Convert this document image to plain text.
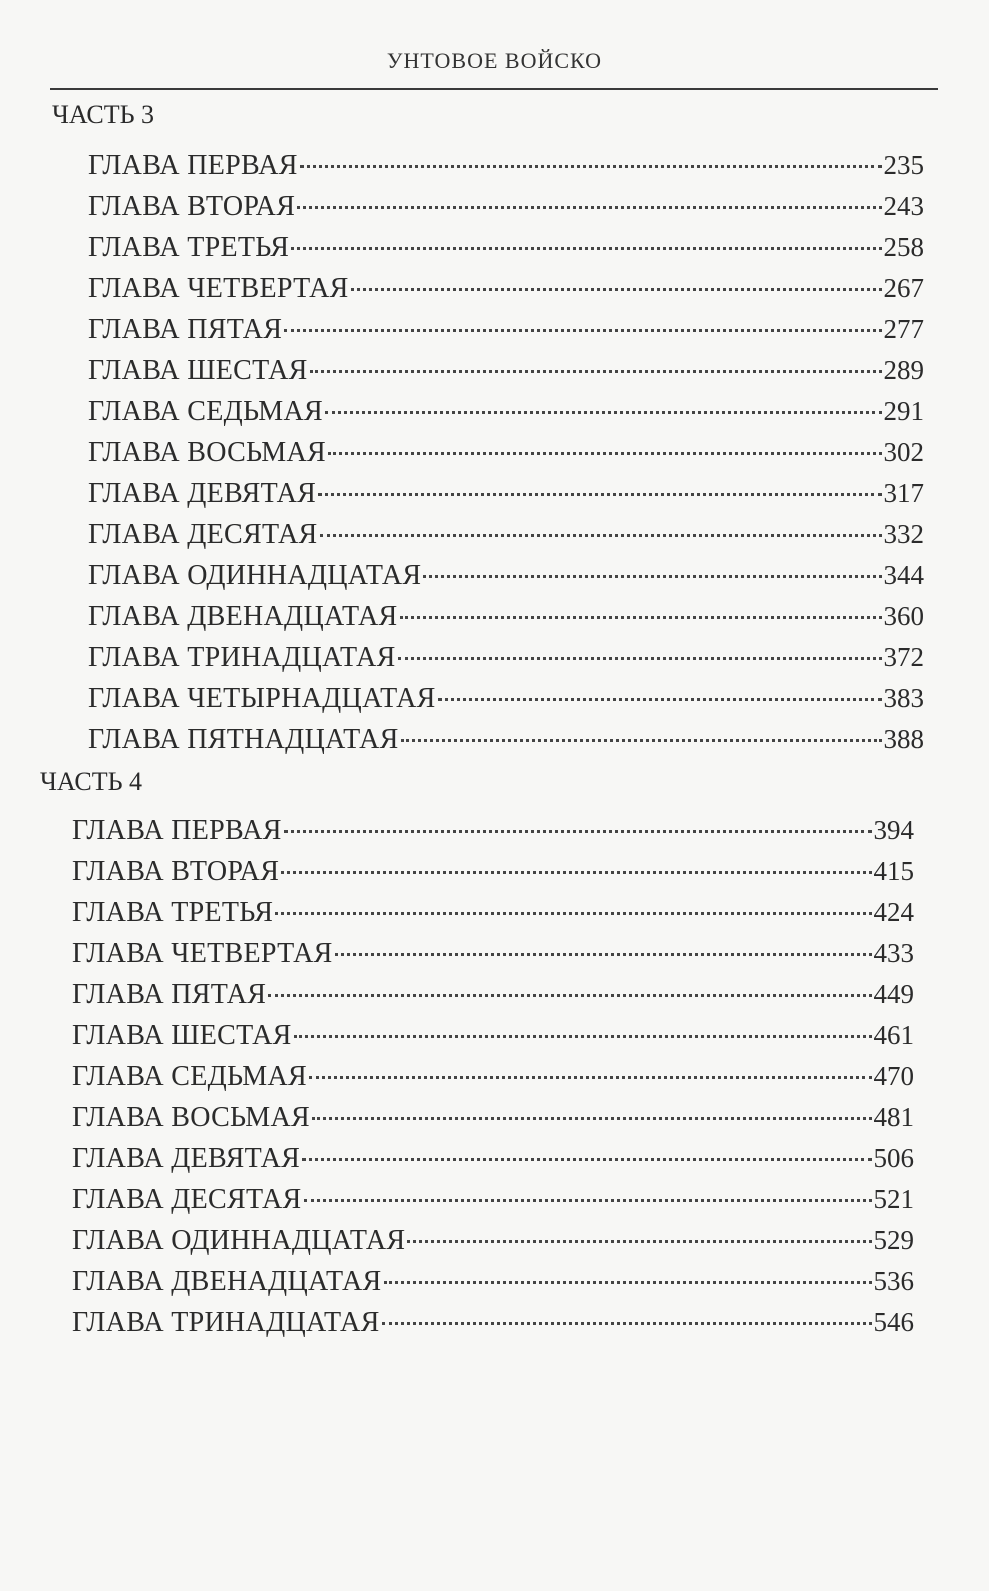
УНТОВОЕ ВОЙСКО
ЧАСТЬ 3
ГЛАВА ПЕРВАЯ	235
ГЛАВА ВТОРАЯ	243
ГЛАВА ТРЕТЬЯ	258
ГЛАВА ЧЕТВЕРТАЯ	267
ГЛАВА ПЯТАЯ	277
ГЛАВА ШЕСТАЯ	289
ГЛАВА СЕДЬМАЯ	291
ГЛАВА ВОСЬМАЯ	302
ГЛАВА ДЕВЯТАЯ	317
ГЛАВА ДЕСЯТАЯ	332
ГЛАВА ОДИННАДЦАТАЯ	344
ГЛАВА ДВЕНАДЦАТАЯ	360
ГЛАВА ТРИНАДЦАТАЯ	372
ГЛАВА ЧЕТЫРНАДЦАТАЯ	383
ГЛАВА ПЯТНАДЦАТАЯ	388
ЧАСТЬ 4
ГЛАВА ПЕРВАЯ	394
ГЛАВА ВТОРАЯ	415
ГЛАВА ТРЕТЬЯ	424
ГЛАВА ЧЕТВЕРТАЯ	433
ГЛАВА ПЯТАЯ	449
ГЛАВА ШЕСТАЯ	461
ГЛАВА СЕДЬМАЯ	470
ГЛАВА ВОСЬМАЯ	481
ГЛАВА ДЕВЯТАЯ	506
ГЛАВА ДЕСЯТАЯ	521
ГЛАВА ОДИННАДЦАТАЯ	529
ГЛАВА ДВЕНАДЦАТАЯ	536
ГЛАВА ТРИНАДЦАТАЯ	546
